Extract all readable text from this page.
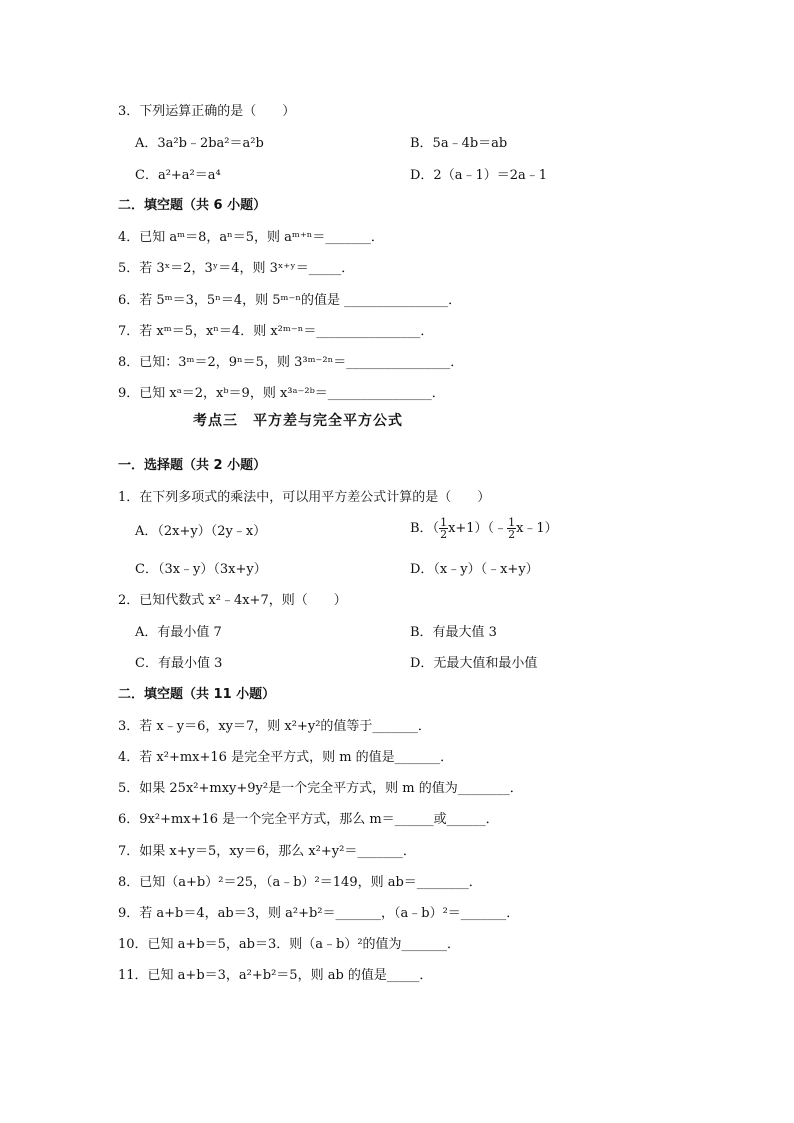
3．下列运算正确的是（　　）
A．3a²b﹣2ba²＝a²b	B．5a﹣4b＝ab
C．a²+a²＝a⁴	D．2（a﹣1）＝2a﹣1
二．填空题（共 6 小题）
4．已知 aᵐ＝8，aⁿ＝5，则 aᵐ⁺ⁿ＝_______．
5．若 3ˣ＝2，3ʸ＝4，则 3ˣ⁺ʸ＝_____．
6．若 5ᵐ＝3，5ⁿ＝4，则 5ᵐ⁻ⁿ的值是 ________________．
7．若 xᵐ＝5，xⁿ＝4．则 x²ᵐ⁻ⁿ＝________________．
8．已知：3ᵐ＝2，9ⁿ＝5，则 3³ᵐ⁻²ⁿ＝________________．
9．已知 xᵃ＝2，xᵇ＝9，则 x³ᵃ⁻²ᵇ＝________________．
考点三　平方差与完全平方公式
一．选择题（共 2 小题）
1．在下列多项式的乘法中，可以用平方差公式计算的是（　　）
A．（2x+y）（2y﹣x）	B．（ $\frac{1}{2}$ x+1）（﹣ $\frac{1}{2}$ x﹣1）
C．（3x﹣y）（3x+y）	D．（x﹣y）（﹣x+y）
2．已知代数式 x²﹣4x+7，则（　　）
A．有最小值 7	B．有最大值 3
C．有最小值 3	D．无最大值和最小值
二．填空题（共 11 小题）
3．若 x﹣y＝6，xy＝7，则 x²+y²的值等于_______．
4．若 x²+mx+16 是完全平方式，则 m 的值是_______．
5．如果 25x²+mxy+9y²是一个完全平方式，则 m 的值为________．
6．9x²+mx+16 是一个完全平方式，那么 m＝______或______．
7．如果 x+y＝5，xy＝6，那么 x²+y²＝_______．
8．已知（a+b）²＝25，（a﹣b）²＝149，则 ab＝________．
9．若 a+b＝4，ab＝3，则 a²+b²＝_______，（a﹣b）²＝_______．
10．已知 a+b＝5，ab＝3．则（a﹣b）²的值为_______．
11．已知 a+b＝3，a²+b²＝5，则 ab 的值是_____．
